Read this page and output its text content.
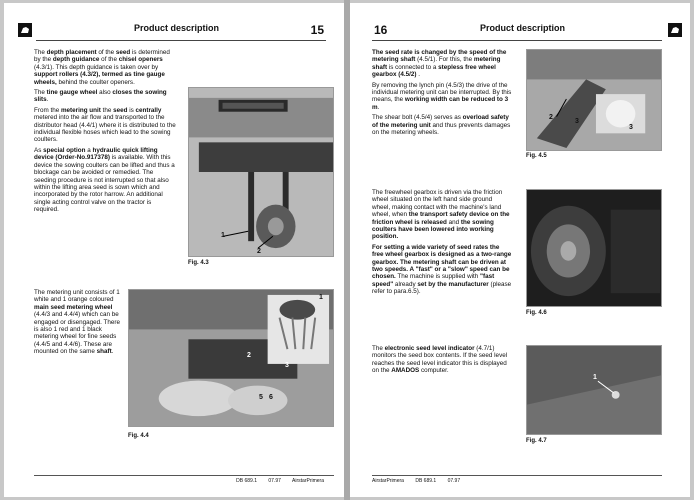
Product description	15

The depth placement of the seed is determined by the depth guidance of the chisel openers (4.3/1). This depth guidance is taken over by support rollers (4.3/2), termed as tine gauge wheels, behind the coulter openers.

The tine gauge wheel also closes the sowing slits.

From the metering unit the seed is centrally metered into the air flow and transported to the distributor head (4.4/1) where it is distributed to the individual flexible hoses which lead to the sowing coulters.

As special option a hydraulic quick lifting device (Order-No.917378) is available. With this device the sowing coulters can be lifted and thus a blockage can be avoided or remedied. The seeding procedure is not interrupted so that also within the lifting area seed is sown which and incorporated by the rotor harrow. An additional single acting control valve on the tractor is required.

1
2
Fig. 4.3

The metering unit consists of 1 white and 1 orange coloured main seed metering wheel (4.4/3 and 4.4/4) which can be engaged or disengaged. There is also 1 red and 1 black metering wheel for fine seeds (4.4/5 and 4.4/6). These are mounted on the same shaft.

1
2
3
5 6
Fig. 4.4
DB 689.1 07.97 AirstarPrimera
16	Product description

The seed rate is changed by the speed of the metering shaft (4.5/1). For this, the metering shaft is connected to a stepless free wheel gearbox (4.5/2) .

By removing the lynch pin (4.5/3) the drive of the individual metering unit can be interrupted. By this means, the working width can be reduced to 3 m.

The shear bolt (4.5/4) serves as overload safety of the metering unit and thus prevents damages on the metering wheels.

2
3
3
Fig. 4.5

The freewheel gearbox is driven via the friction wheel situated on the left hand side ground wheel, making contact with the machine's land wheel, when the transport safety device on the friction wheel is released and the sowing coulters have been lowered into working position.

For setting a wide variety of seed rates the free wheel gearbox is designed as a two-range gearbox. The metering shaft can be driven at two speeds. A "fast" or a "slow" speed can be chosen. The machine is supplied with "fast speed" already set by the manufacturer (please refer to para.6.5).

Fig. 4.6

The electronic seed level indicator (4.7/1) monitors the seed box contents. If the seed level reaches the seed level indicator this is displayed on the AMADOS computer.

1
Fig. 4.7
AirstarPrimera DB 689.1 07.97
